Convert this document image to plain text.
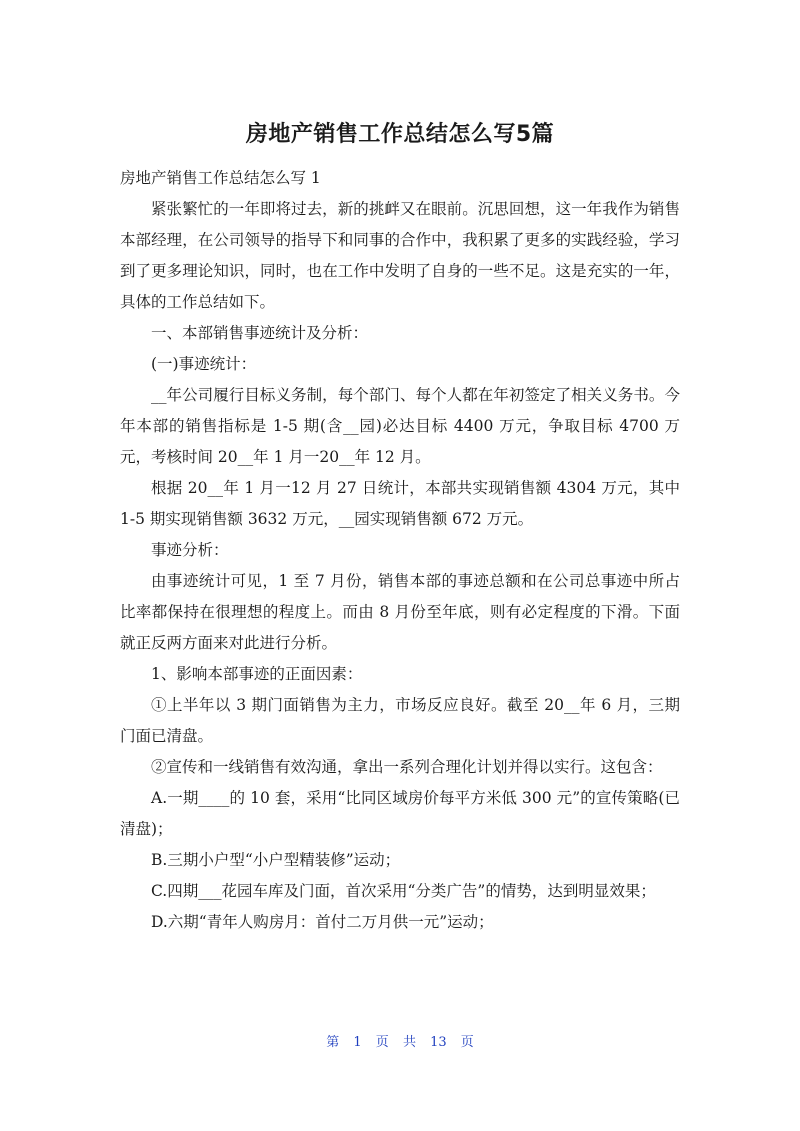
房地产销售工作总结怎么写5篇

房地产销售工作总结怎么写 1

紧张繁忙的一年即将过去，新的挑衅又在眼前。沉思回想，这一年我作为销售本部经理，在公司领导的指导下和同事的合作中，我积累了更多的实践经验，学习到了更多理论知识，同时，也在工作中发明了自身的一些不足。这是充实的一年，具体的工作总结如下。

一、本部销售事迹统计及分析：

(一)事迹统计：

__年公司履行目标义务制，每个部门、每个人都在年初签定了相关义务书。今年本部的销售指标是 1-5 期(含__园)必达目标 4400 万元，争取目标 4700 万元，考核时间 20__年 1 月一20__年 12 月。

根据 20__年 1 月一12 月 27 日统计，本部共实现销售额 4304 万元，其中 1-5 期实现销售额 3632 万元，__园实现销售额 672 万元。

事迹分析：

由事迹统计可见，1 至 7 月份，销售本部的事迹总额和在公司总事迹中所占比率都保持在很理想的程度上。而由 8 月份至年底，则有必定程度的下滑。下面就正反两方面来对此进行分析。

1、影响本部事迹的正面因素：

①上半年以 3 期门面销售为主力，市场反应良好。截至 20__年 6 月，三期门面已清盘。

②宣传和一线销售有效沟通，拿出一系列合理化计划并得以实行。这包含：

A.一期____的 10 套，采用“比同区域房价每平方米低 300 元”的宣传策略(已清盘)；

B.三期小户型“小户型精装修”运动；

C.四期___花园车库及门面，首次采用“分类广告”的情势，达到明显效果；

D.六期“青年人购房月：首付二万月供一元”运动；

第 1 页 共 13 页
